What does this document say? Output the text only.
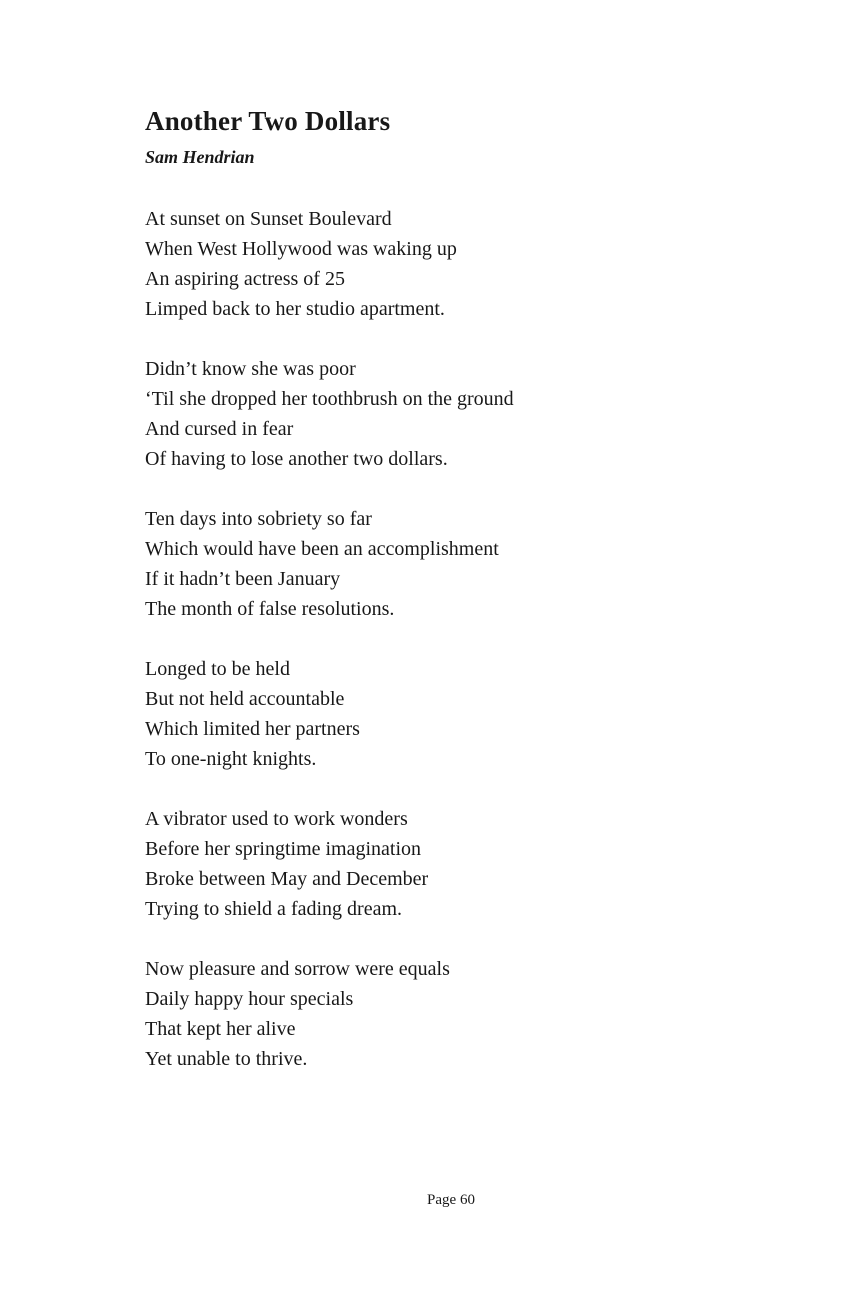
Another Two Dollars
Sam Hendrian
At sunset on Sunset Boulevard
When West Hollywood was waking up
An aspiring actress of 25
Limped back to her studio apartment.
Didn’t know she was poor
‘Til she dropped her toothbrush on the ground
And cursed in fear
Of having to lose another two dollars.
Ten days into sobriety so far
Which would have been an accomplishment
If it hadn’t been January
The month of false resolutions.
Longed to be held
But not held accountable
Which limited her partners
To one-night knights.
A vibrator used to work wonders
Before her springtime imagination
Broke between May and December
Trying to shield a fading dream.
Now pleasure and sorrow were equals
Daily happy hour specials
That kept her alive
Yet unable to thrive.
Page 60
